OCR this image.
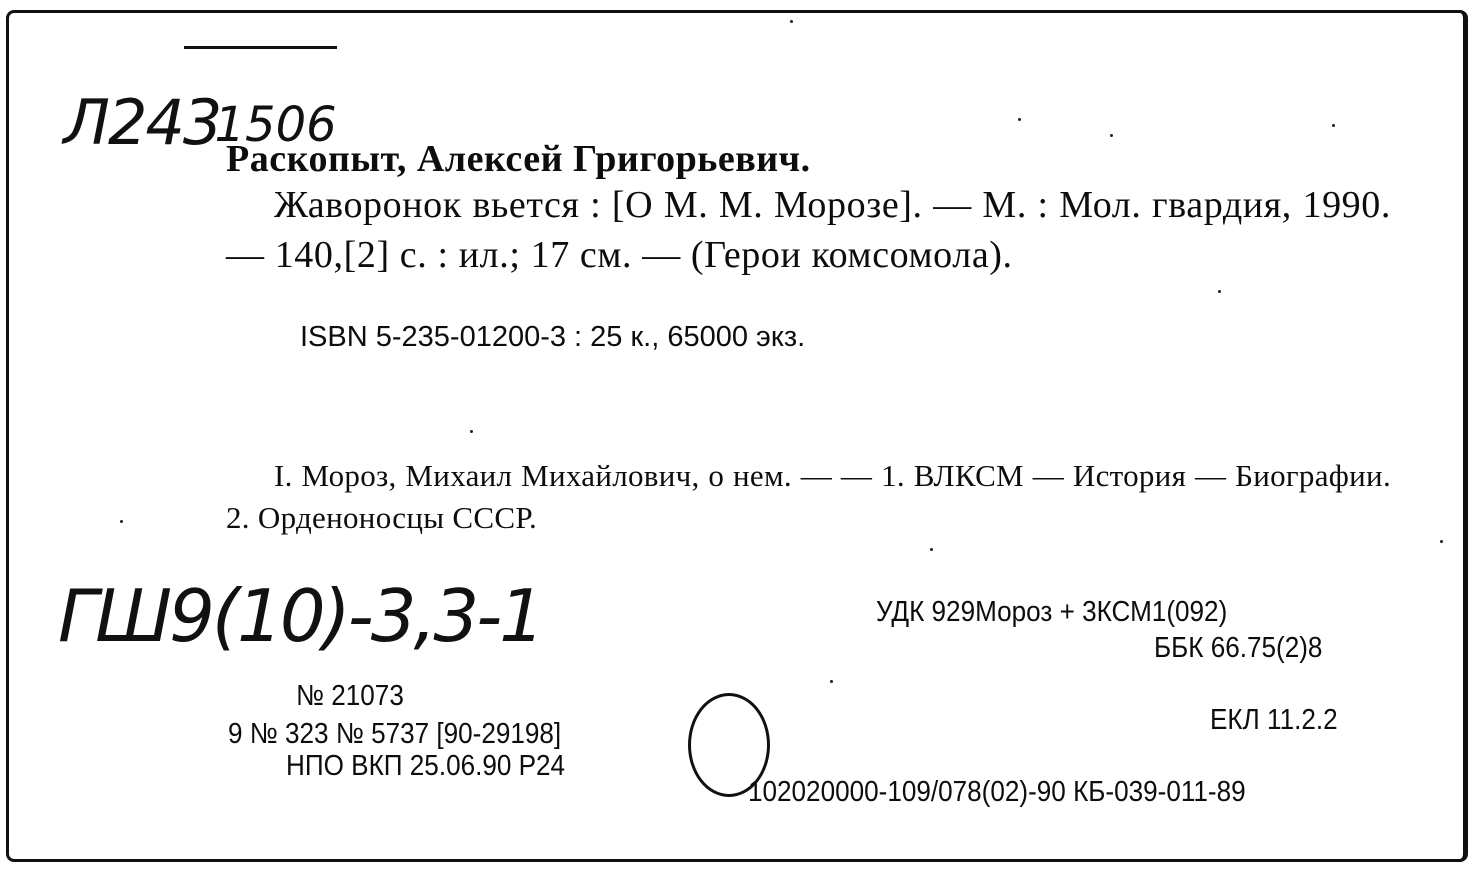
Л243

1506

Раскопыт, Алексей Григорьевич.
Жаворонок вьется : [О М. М. Морозе]. — М. : Мол. гвардия, 1990. — 140,[2] с. : ил.; 17 см. — (Герои комсомола).
ISBN 5-235-01200-3 : 25 к., 65000 экз.
I. Мороз, Михаил Михайлович, о нем. — — 1. ВЛКСМ — История — Биографии. 2. Орденоносцы СССР.
ГШ9(10)-3,3-1	УДК 929Мороз + 3КСМ1(092)
ББК 66.75(2)8
ЕКЛ 11.2.2
№ 21073
9 № 323 № 5737 [90-29198]
НПО ВКП 25.06.90 Р24
102020000-109/078(02)-90 КБ-039-011-89
